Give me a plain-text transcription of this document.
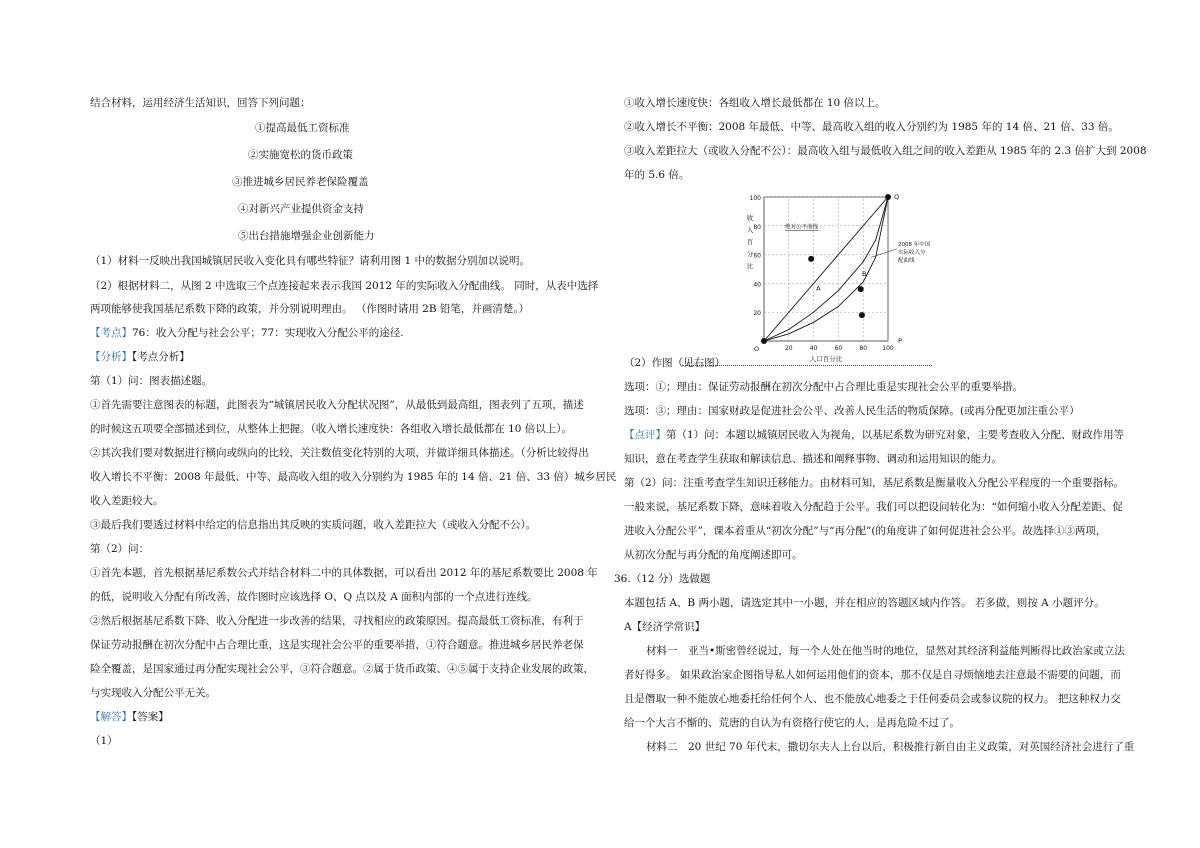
结合材料，运用经济生活知识，回答下列问题：
①提高最低工资标准
②实施宽松的货币政策
③推进城乡居民养老保险覆盖
④对新兴产业提供资金支持
⑤出台措施增强企业创新能力
（1）材料一反映出我国城镇居民收入变化具有哪些特征？请利用图 1 中的数据分别加以说明。
（2）根据材料二，从图 2 中选取三个点连接起来表示我国 2012 年的实际收入分配曲线。 同时，从表中选择
两项能够使我国基尼系数下降的政策，并分别说明理由。 （作图时请用 2B 铅笔，并画清楚。）
【考点】76：收入分配与社会公平；77：实现收入分配公平的途径.
【分析】【考点分析】
第（1）问：图表描述题。
①首先需要注意图表的标题，此图表为“城镇居民收入分配状况图”，从最低到最高组，图表列了五项，描述
的时候这五项要全部描述到位，从整体上把握。（收入增长速度快：各组收入增长最低都在 10 倍以上）。
②其次我们要对数据进行横向或纵向的比较，关注数值变化特别的大项，并做详细具体描述。（分析比较得出
收入增长不平衡：2008 年最低、中等、最高收入组的收入分别约为 1985 年的 14 倍、21 倍、33 倍）城乡居民
收入差距较大。
③最后我们要透过材料中给定的信息指出其反映的实质问题，收入差距拉大（或收入分配不公）。
第（2）问：
①首先本题，首先根据基尼系数公式并结合材料二中的具体数据，可以看出 2012 年的基尼系数要比 2008 年
的低，说明收入分配有所改善，故作图时应该选择 O、Q 点以及 A 面积内部的一个点进行连线。
②然后根据基尼系数下降、收入分配进一步改善的结果，寻找相应的政策原因。提高最低工资标准，有利于
保证劳动报酬在初次分配中占合理比重，这是实现社会公平的重要举措，①符合题意。推进城乡居民养老保
险全覆盖，是国家通过再分配实现社会公平，③符合题意。②属于货币政策、④⑤属于支持企业发展的政策，
与实现收入分配公平无关。
【解答】【答案】
（1）
①收入增长速度快：各组收入增长最低都在 10 倍以上。
②收入增长不平衡：2008 年最低、中等、最高收入组的收入分别约为 1985 年的 14 倍、21 倍、33 倍。
③收入差距拉大（或收入分配不公）：最高收入组与最低收入组之间的收入差距从 1985 年的 2.3 倍扩大到 2008
年的 5.6 倍。
20
40
60
80
100
20	40	60	80	100
O
Q
P
A
B
绝对公平曲线
2008 年中国
实际收入分
配曲线
收
入
百
分
比
人口百分比
（2）作图（见右图）
选项：①；理由：保证劳动报酬在初次分配中占合理比重是实现社会公平的重要举措。
选项：③；理由：国家财政是促进社会公平、改善人民生活的物质保障。(或再分配更加注重公平）
【点评】第（1）问：本题以城镇居民收入为视角，以基尼系数为研究对象，主要考查收入分配、财政作用等
知识，意在考查学生获取和解读信息、描述和阐释事物、调动和运用知识的能力。
第（2）问：注重考查学生知识迁移能力。由材料可知，基尼系数是衡量收入分配公平程度的一个重要指标。
一般来说，基尼系数下降，意味着收入分配趋于公平。我们可以把设问转化为：“如何缩小收入分配差距、促
进收入分配公平”，课本着重从“初次分配”与“再分配”(的角度讲了如何促进社会公平。故选择①③两项，
从初次分配与再分配的角度阐述即可。
36.（12 分）选做题
本题包括 A、B 两小题，请选定其中一小题，并在相应的答题区域内作答。 若多做，则按 A 小题评分。
A【经济学常识】
材料一　亚当•斯密曾经说过，每一个人处在他当时的地位，显然对其经济利益能判断得比政治家或立法
者好得多。 如果政治家企图指导私人如何运用他们的资本，那不仅是自寻烦恼地去注意最不需要的问题，而
且是僭取一种不能放心地委托给任何个人、也不能放心地委之于任何委员会或参议院的权力。 把这种权力交
给一个大言不惭的、荒唐的自认为有资格行使它的人，是再危险不过了。
材料二　20 世纪 70 年代末，撒切尔夫人上台以后，积极推行新自由主义政策，对英国经济社会进行了重
